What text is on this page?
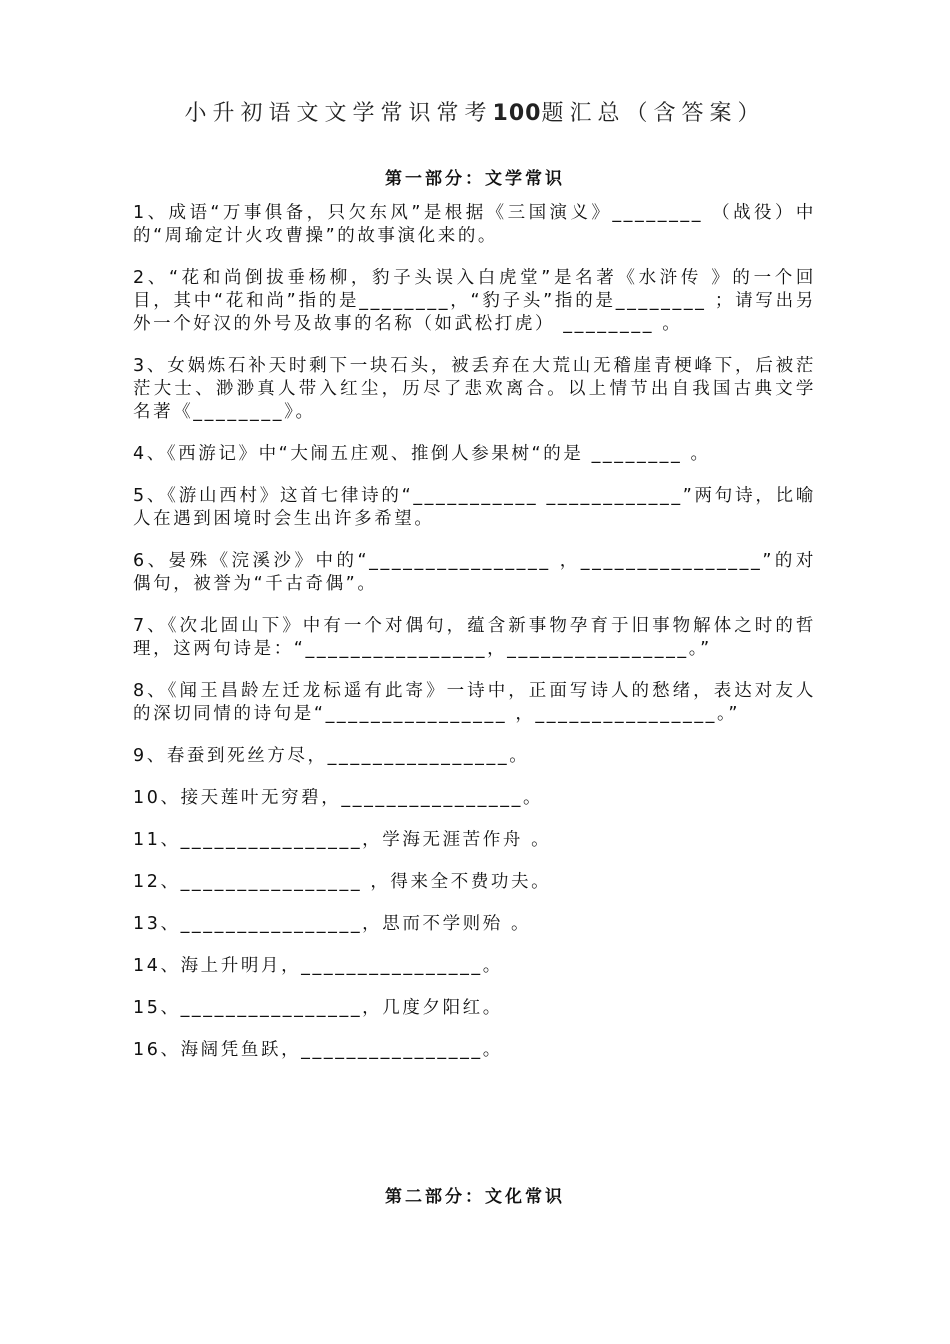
小升初语文文学常识常考100题汇总（含答案）
第一部分：文学常识
1、成语“万事俱备，只欠东风”是根据《三国演义》________ （战役）中的“周瑜定计火攻曹操”的故事演化来的。
2、“花和尚倒拔垂杨柳，豹子头误入白虎堂”是名著《水浒传 》的一个回目，其中“花和尚”指的是________，“豹子头”指的是________ ；请写出另外一个好汉的外号及故事的名称（如武松打虎） ________ 。
3、女娲炼石补天时剩下一块石头，被丢弃在大荒山无稽崖青梗峰下，后被茫茫大士、渺渺真人带入红尘，历尽了悲欢离合。以上情节出自我国古典文学名著《________》。
4、《西游记》中“大闹五庄观、推倒人参果树“的是 ________ 。
5、《游山西村》这首七律诗的“___________ ____________”两句诗，比喻人在遇到困境时会生出许多希望。
6、晏殊《浣溪沙》中的“________________ ，________________”的对偶句，被誉为“千古奇偶”。
7、《次北固山下》中有一个对偶句，蕴含新事物孕育于旧事物解体之时的哲理，这两句诗是：“________________，________________。”
8、《闻王昌龄左迁龙标遥有此寄》一诗中，正面写诗人的愁绪，表达对友人的深切同情的诗句是“________________ ，________________。”
9、春蚕到死丝方尽，________________。
10、接天莲叶无穷碧，________________。
11、________________，学海无涯苦作舟 。
12、________________ ，得来全不费功夫。
13、________________，思而不学则殆 。
14、海上升明月，________________。
15、________________，几度夕阳红。
16、海阔凭鱼跃，________________。
第二部分：文化常识
